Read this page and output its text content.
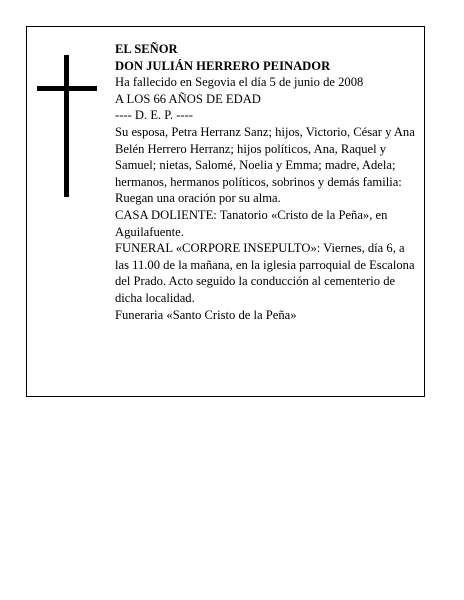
EL SEÑOR

DON JULIÁN HERRERO PEINADOR

Ha fallecido en Segovia el día 5 de junio de 2008

A LOS 66 AÑOS DE EDAD

---- D. E. P. ----

Su esposa, Petra Herranz Sanz; hijos, Victorio, César y Ana Belén Herrero Herranz; hijos políticos, Ana, Raquel y Samuel; nietas, Salomé, Noelia y Emma; madre, Adela; hermanos, hermanos políticos, sobrinos y demás familia:

Ruegan una oración por su alma.

CASA DOLIENTE: Tanatorio «Cristo de la Peña», en Aguilafuente.

FUNERAL «CORPORE INSEPULTO»: Viernes, día 6, a las 11.00 de la mañana, en la iglesia parroquial de Escalona del Prado. Acto seguido la conducción al cementerio de dicha localidad.

Funeraria «Santo Cristo de la Peña»
